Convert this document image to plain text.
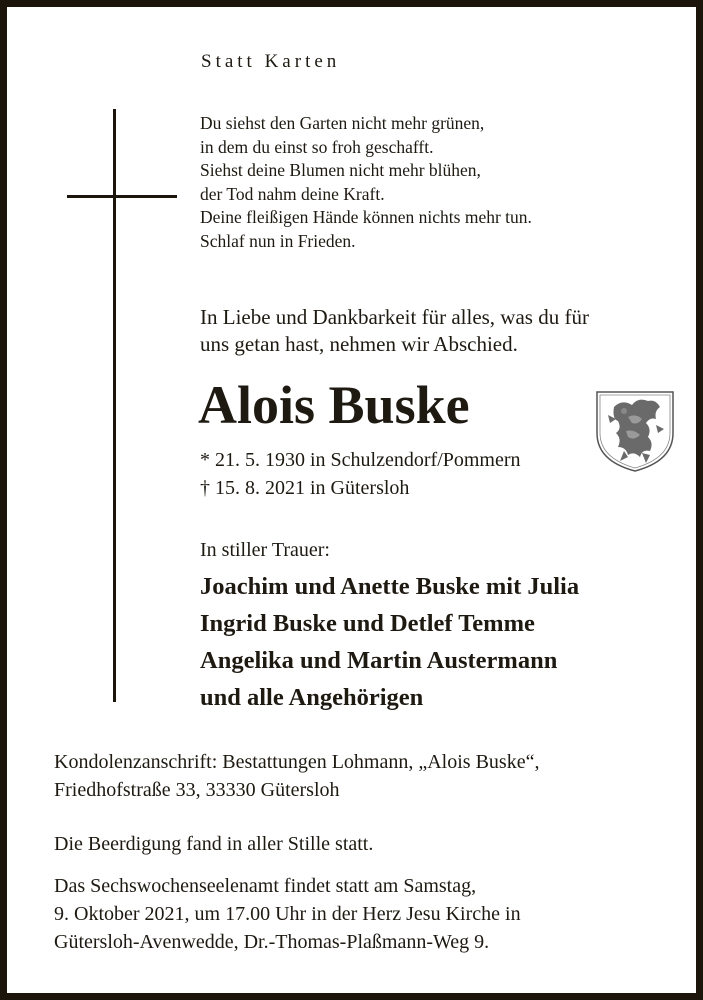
Statt Karten
Du siehst den Garten nicht mehr grünen,
in dem du einst so froh geschafft.
Siehst deine Blumen nicht mehr blühen,
der Tod nahm deine Kraft.
Deine fleißigen Hände können nichts mehr tun.
Schlaf nun in Frieden.
In Liebe und Dankbarkeit für alles, was du für
uns getan hast, nehmen wir Abschied.
Alois Buske
* 21. 5. 1930 in Schulzendorf/Pommern
† 15. 8. 2021 in Gütersloh
In stiller Trauer:
Joachim und Anette Buske mit Julia
Ingrid Buske und Detlef Temme
Angelika und Martin Austermann
und alle Angehörigen
Kondolenzanschrift: Bestattungen Lohmann, „Alois Buske“,
Friedhofstraße 33, 33330 Gütersloh
Die Beerdigung fand in aller Stille statt.
Das Sechswochenseelenamt findet statt am Samstag,
9. Oktober 2021, um 17.00 Uhr in der Herz Jesu Kirche in
Gütersloh-Avenwedde, Dr.-Thomas-Plaßmann-Weg 9.
